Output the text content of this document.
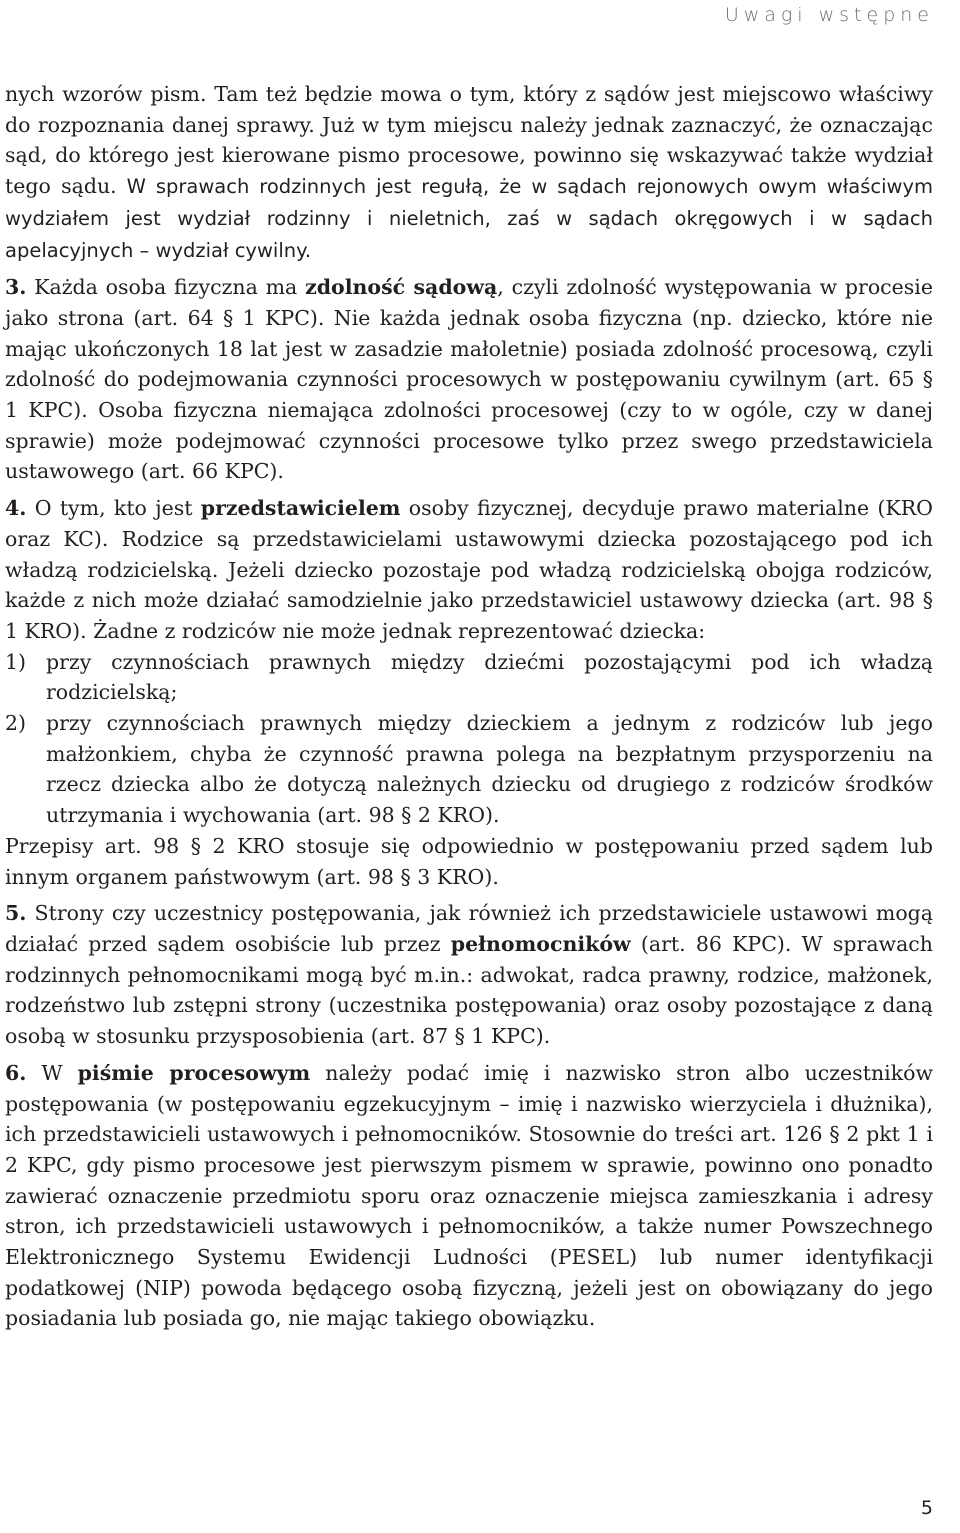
Uwagi wstępne

nych wzorów pism. Tam też będzie mowa o tym, który z sądów jest miejscowo właściwy do rozpoznania danej sprawy. Już w tym miejscu należy jednak zaznaczyć, że oznaczając sąd, do którego jest kierowane pismo procesowe, powinno się wskazywać także wydział tego sądu. W sprawach rodzinnych jest regułą, że w sądach rejonowych owym właściwym wydziałem jest wydział rodzinny i nieletnich, zaś w sądach okręgowych i w sądach apelacyjnych – wydział cywilny.

3. Każda osoba fizyczna ma zdolność sądową, czyli zdolność występowania w procesie jako strona (art. 64 § 1 KPC). Nie każda jednak osoba fizyczna (np. dziecko, które nie mając ukończonych 18 lat jest w zasadzie małoletnie) posiada zdolność procesową, czyli zdolność do podejmowania czynności procesowych w postępowaniu cywilnym (art. 65 § 1 KPC). Osoba fizyczna niemająca zdolności procesowej (czy to w ogóle, czy w danej sprawie) może podejmować czynności procesowe tylko przez swego przedstawiciela ustawowego (art. 66 KPC).

4. O tym, kto jest przedstawicielem osoby fizycznej, decyduje prawo materialne (KRO oraz KC). Rodzice są przedstawicielami ustawowymi dziecka pozostającego pod ich władzą rodzicielską. Jeżeli dziecko pozostaje pod władzą rodzicielską obojga rodziców, każde z nich może działać samodzielnie jako przedstawiciel ustawowy dziecka (art. 98 § 1 KRO). Żadne z rodziców nie może jednak reprezentować dziecka:

1) przy czynnościach prawnych między dziećmi pozostającymi pod ich władzą rodzicielską;
2) przy czynnościach prawnych między dzieckiem a jednym z rodziców lub jego małżonkiem, chyba że czynność prawna polega na bezpłatnym przysporzeniu na rzecz dziecka albo że dotyczą należnych dziecku od drugiego z rodziców środków utrzymania i wychowania (art. 98 § 2 KRO).

Przepisy art. 98 § 2 KRO stosuje się odpowiednio w postępowaniu przed sądem lub innym organem państwowym (art. 98 § 3 KRO).

5. Strony czy uczestnicy postępowania, jak również ich przedstawiciele ustawowi mogą działać przed sądem osobiście lub przez pełnomocników (art. 86 KPC). W sprawach rodzinnych pełnomocnikami mogą być m.in.: adwokat, radca prawny, rodzice, małżonek, rodzeństwo lub zstępni strony (uczestnika postępowania) oraz osoby pozostające z daną osobą w stosunku przysposobienia (art. 87 § 1 KPC).

6. W piśmie procesowym należy podać imię i nazwisko stron albo uczestników postępowania (w postępowaniu egzekucyjnym – imię i nazwisko wierzyciela i dłużnika), ich przedstawicieli ustawowych i pełnomocników. Stosownie do treści art. 126 § 2 pkt 1 i 2 KPC, gdy pismo procesowe jest pierwszym pismem w sprawie, powinno ono ponadto zawierać oznaczenie przedmiotu sporu oraz oznaczenie miejsca zamieszkania i adresy stron, ich przedstawicieli ustawowych i pełnomocników, a także numer Powszechnego Elektronicznego Systemu Ewidencji Ludności (PESEL) lub numer identyfikacji podatkowej (NIP) powoda będącego osobą fizyczną, jeżeli jest on obowiązany do jego posiadania lub posiada go, nie mając takiego obowiązku.

5
